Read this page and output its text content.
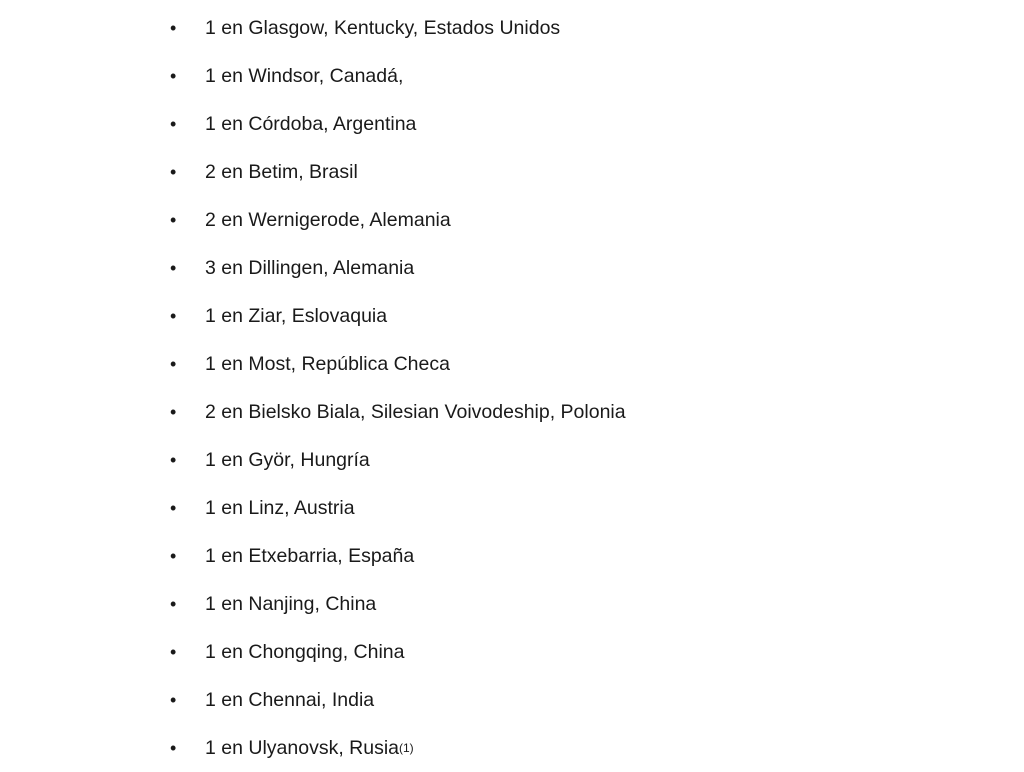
•	1 en Glasgow, Kentucky, Estados Unidos
•	1 en Windsor, Canadá,
•	1 en Córdoba, Argentina
•	2 en Betim, Brasil
•	2 en Wernigerode, Alemania
•	3 en Dillingen, Alemania
•	1 en Ziar, Eslovaquia
•	1 en Most, República Checa
•	2 en Bielsko Biala, Silesian Voivodeship, Polonia
•	1 en Györ, Hungría
•	1 en Linz, Austria
•	1 en Etxebarria, España
•	1 en Nanjing, China
•	1 en Chongqing, China
•	1 en Chennai, India
•	1 en Ulyanovsk, Rusia (1)
